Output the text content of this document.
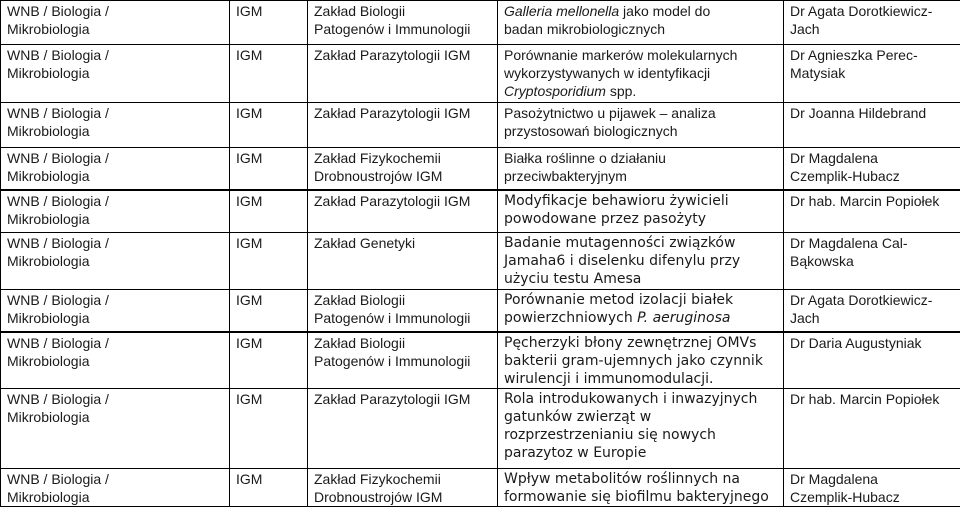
WNB / Biologia /
Mikrobiologia	IGM	Zakład Biologii
Patogenów i Immunologii	Galleria mellonella jako model do
badan mikrobiologicznych	Dr Agata Dorotkiewicz-
Jach
WNB / Biologia /
Mikrobiologia	IGM	Zakład Parazytologii IGM	Porównanie markerów molekularnych
wykorzystywanych w identyfikacji
Cryptosporidium spp.	Dr Agnieszka Perec-
Matysiak
WNB / Biologia /
Mikrobiologia	IGM	Zakład Parazytologii IGM	Pasożytnictwo u pijawek – analiza
przystosowań biologicznych	Dr Joanna Hildebrand
WNB / Biologia /
Mikrobiologia	IGM	Zakład Fizykochemii
Drobnoustrojów IGM	Białka roślinne o działaniu
przeciwbakteryjnym	Dr Magdalena
Czemplik-Hubacz
WNB / Biologia /
Mikrobiologia	IGM	Zakład Parazytologii IGM	Modyfikacje behawioru żywicieli
powodowane przez pasożyty	Dr hab. Marcin Popiołek
WNB / Biologia /
Mikrobiologia	IGM	Zakład Genetyki	Badanie mutagenności związków
Jamaha6 i diselenku difenylu przy
użyciu testu Amesa	Dr Magdalena Cal-
Bąkowska
WNB / Biologia /
Mikrobiologia	IGM	Zakład Biologii
Patogenów i Immunologii	Porównanie metod izolacji białek
powierzchniowych P. aeruginosa	Dr Agata Dorotkiewicz-
Jach
WNB / Biologia /
Mikrobiologia	IGM	Zakład Biologii
Patogenów i Immunologii	Pęcherzyki błony zewnętrznej OMVs
bakterii gram-ujemnych jako czynnik
wirulencji i immunomodulacji.	Dr Daria Augustyniak
WNB / Biologia /
Mikrobiologia	IGM	Zakład Parazytologii IGM	Rola introdukowanych i inwazyjnych
gatunków zwierząt w
rozprzestrzenianiu się nowych
parazytoz w Europie	Dr hab. Marcin Popiołek
WNB / Biologia /
Mikrobiologia	IGM	Zakład Fizykochemii
Drobnoustrojów IGM	Wpływ metabolitów roślinnych na
formowanie się biofilmu bakteryjnego	Dr Magdalena
Czemplik-Hubacz
